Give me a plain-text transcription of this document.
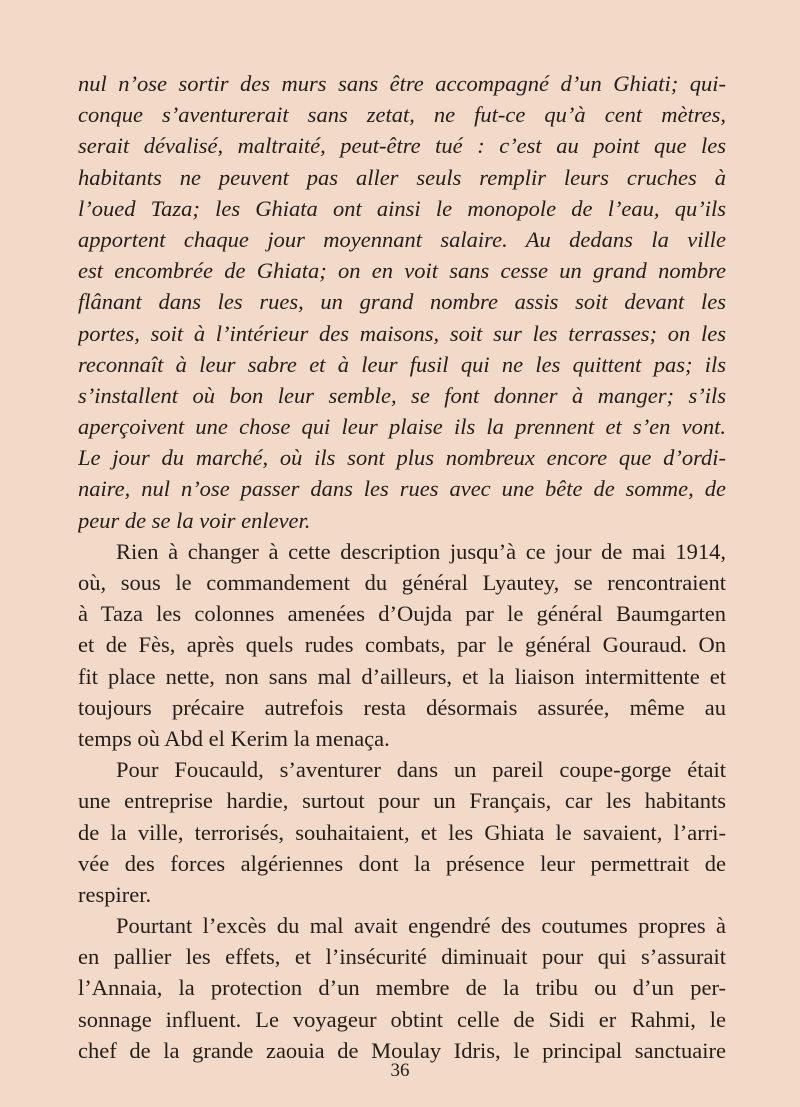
nul n’ose sortir des murs sans être accompagné d’un Ghiati; qui-
conque s’aventurerait sans zetat, ne fut-ce qu’à cent mètres,
serait dévalisé, maltraité, peut-être tué : c’est au point que les
habitants ne peuvent pas aller seuls remplir leurs cruches à
l’oued Taza; les Ghiata ont ainsi le monopole de l’eau, qu’ils
apportent chaque jour moyennant salaire. Au dedans la ville
est encombrée de Ghiata; on en voit sans cesse un grand nombre
flânant dans les rues, un grand nombre assis soit devant les
portes, soit à l’intérieur des maisons, soit sur les terrasses; on les
reconnaît à leur sabre et à leur fusil qui ne les quittent pas; ils
s’installent où bon leur semble, se font donner à manger; s’ils
aperçoivent une chose qui leur plaise ils la prennent et s’en vont.
Le jour du marché, où ils sont plus nombreux encore que d’ordi-
naire, nul n’ose passer dans les rues avec une bête de somme, de
peur de se la voir enlever.
Rien à changer à cette description jusqu’à ce jour de mai 1914,
où, sous le commandement du général Lyautey, se rencontraient
à Taza les colonnes amenées d’Oujda par le général Baumgarten
et de Fès, après quels rudes combats, par le général Gouraud. On
fit place nette, non sans mal d’ailleurs, et la liaison intermittente et
toujours précaire autrefois resta désormais assurée, même au
temps où Abd el Kerim la menaça.
Pour Foucauld, s’aventurer dans un pareil coupe-gorge était
une entreprise hardie, surtout pour un Français, car les habitants
de la ville, terrorisés, souhaitaient, et les Ghiata le savaient, l’arri-
vée des forces algériennes dont la présence leur permettrait de
respirer.
Pourtant l’excès du mal avait engendré des coutumes propres à
en pallier les effets, et l’insécurité diminuait pour qui s’assurait
l’Annaia, la protection d’un membre de la tribu ou d’un per-
sonnage influent. Le voyageur obtint celle de Sidi er Rahmi, le
chef de la grande zaouia de Moulay Idris, le principal sanctuaire
36
